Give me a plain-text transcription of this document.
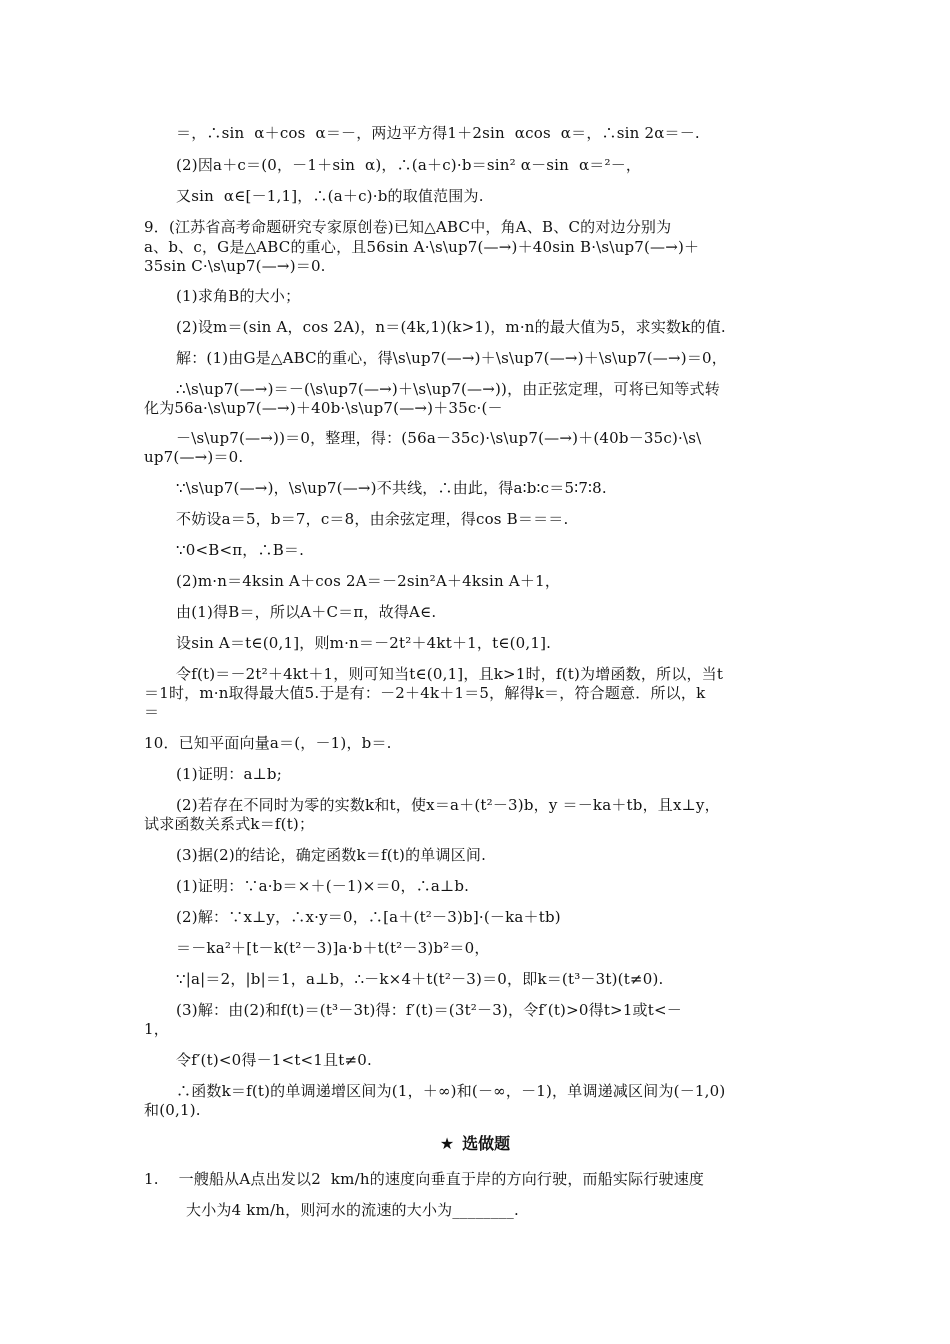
＝，∴sin  α＋cos  α＝－，两边平方得1＋2sin  αcos  α＝，∴sin 2α＝－.
(2)因a＋c＝(0，－1＋sin  α)，∴(a＋c)·b＝sin² α－sin  α＝²－，
又sin  α∈[－1,1]，∴(a＋c)·b的取值范围为.
9．(江苏省高考命题研究专家原创卷)已知△ABC中，角A、B、C的对边分别为
a、b、c，G是△ABC的重心，且56sin A·\s\up7(—→)＋40sin B·\s\up7(—→)＋
35sin C·\s\up7(—→)＝0.
(1)求角B的大小；
(2)设m＝(sin A，cos 2A)，n＝(4k,1)(k>1)，m·n的最大值为5，求实数k的值.
解：(1)由G是△ABC的重心，得\s\up7(—→)＋\s\up7(—→)＋\s\up7(—→)＝0，
∴\s\up7(—→)＝－(\s\up7(—→)＋\s\up7(—→))，由正弦定理，可将已知等式转
化为56a·\s\up7(—→)＋40b·\s\up7(—→)＋35c·(－
－\s\up7(—→))＝0，整理，得：(56a－35c)·\s\up7(—→)＋(40b－35c)·\s\
up7(—→)＝0.
∵\s\up7(—→)，\s\up7(—→)不共线，∴由此，得a∶b∶c＝5∶7∶8.
不妨设a＝5，b＝7，c＝8，由余弦定理，得cos B＝＝＝.
∵0<B<π，∴B＝.
(2)m·n＝4ksin A＋cos 2A＝－2sin²A＋4ksin A＋1，
由(1)得B＝，所以A＋C＝π，故得A∈.
设sin A＝t∈(0,1]，则m·n＝－2t²＋4kt＋1，t∈(0,1].
令f(t)＝－2t²＋4kt＋1，则可知当t∈(0,1]，且k>1时，f(t)为增函数，所以，当t
＝1时，m·n取得最大值5.于是有：－2＋4k＋1＝5，解得k＝，符合题意．所以，k
＝
10．已知平面向量a＝(，－1)，b＝.
(1)证明：a⊥b;
(2)若存在不同时为零的实数k和t，使x＝a＋(t²－3)b，y ＝－ka＋tb，且x⊥y，
试求函数关系式k＝f(t)；
(3)据(2)的结论，确定函数k＝f(t)的单调区间.
(1)证明：∵a·b＝×＋(－1)×＝0，∴a⊥b.
(2)解：∵x⊥y，∴x·y＝0，∴[a＋(t²－3)b]·(－ka＋tb)
＝－ka²＋[t－k(t²－3)]a·b＋t(t²－3)b²＝0，
∵|a|＝2，|b|＝1，a⊥b，∴－k×4＋t(t²－3)＝0，即k＝(t³－3t)(t≠0).
(3)解：由(2)和f(t)＝(t³－3t)得：f′(t)＝(3t²－3)，令f′(t)>0得t>1或t<－
1，
令f′(t)<0得－1<t<1且t≠0.
∴函数k＝f(t)的单调递增区间为(1，＋∞)和(－∞，－1)，单调递减区间为(－1,0)
和(0,1).
★ 选做题
1.    一艘船从A点出发以2  km/h的速度向垂直于岸的方向行驶，而船实际行驶速度
大小为4 km/h，则河水的流速的大小为________.
